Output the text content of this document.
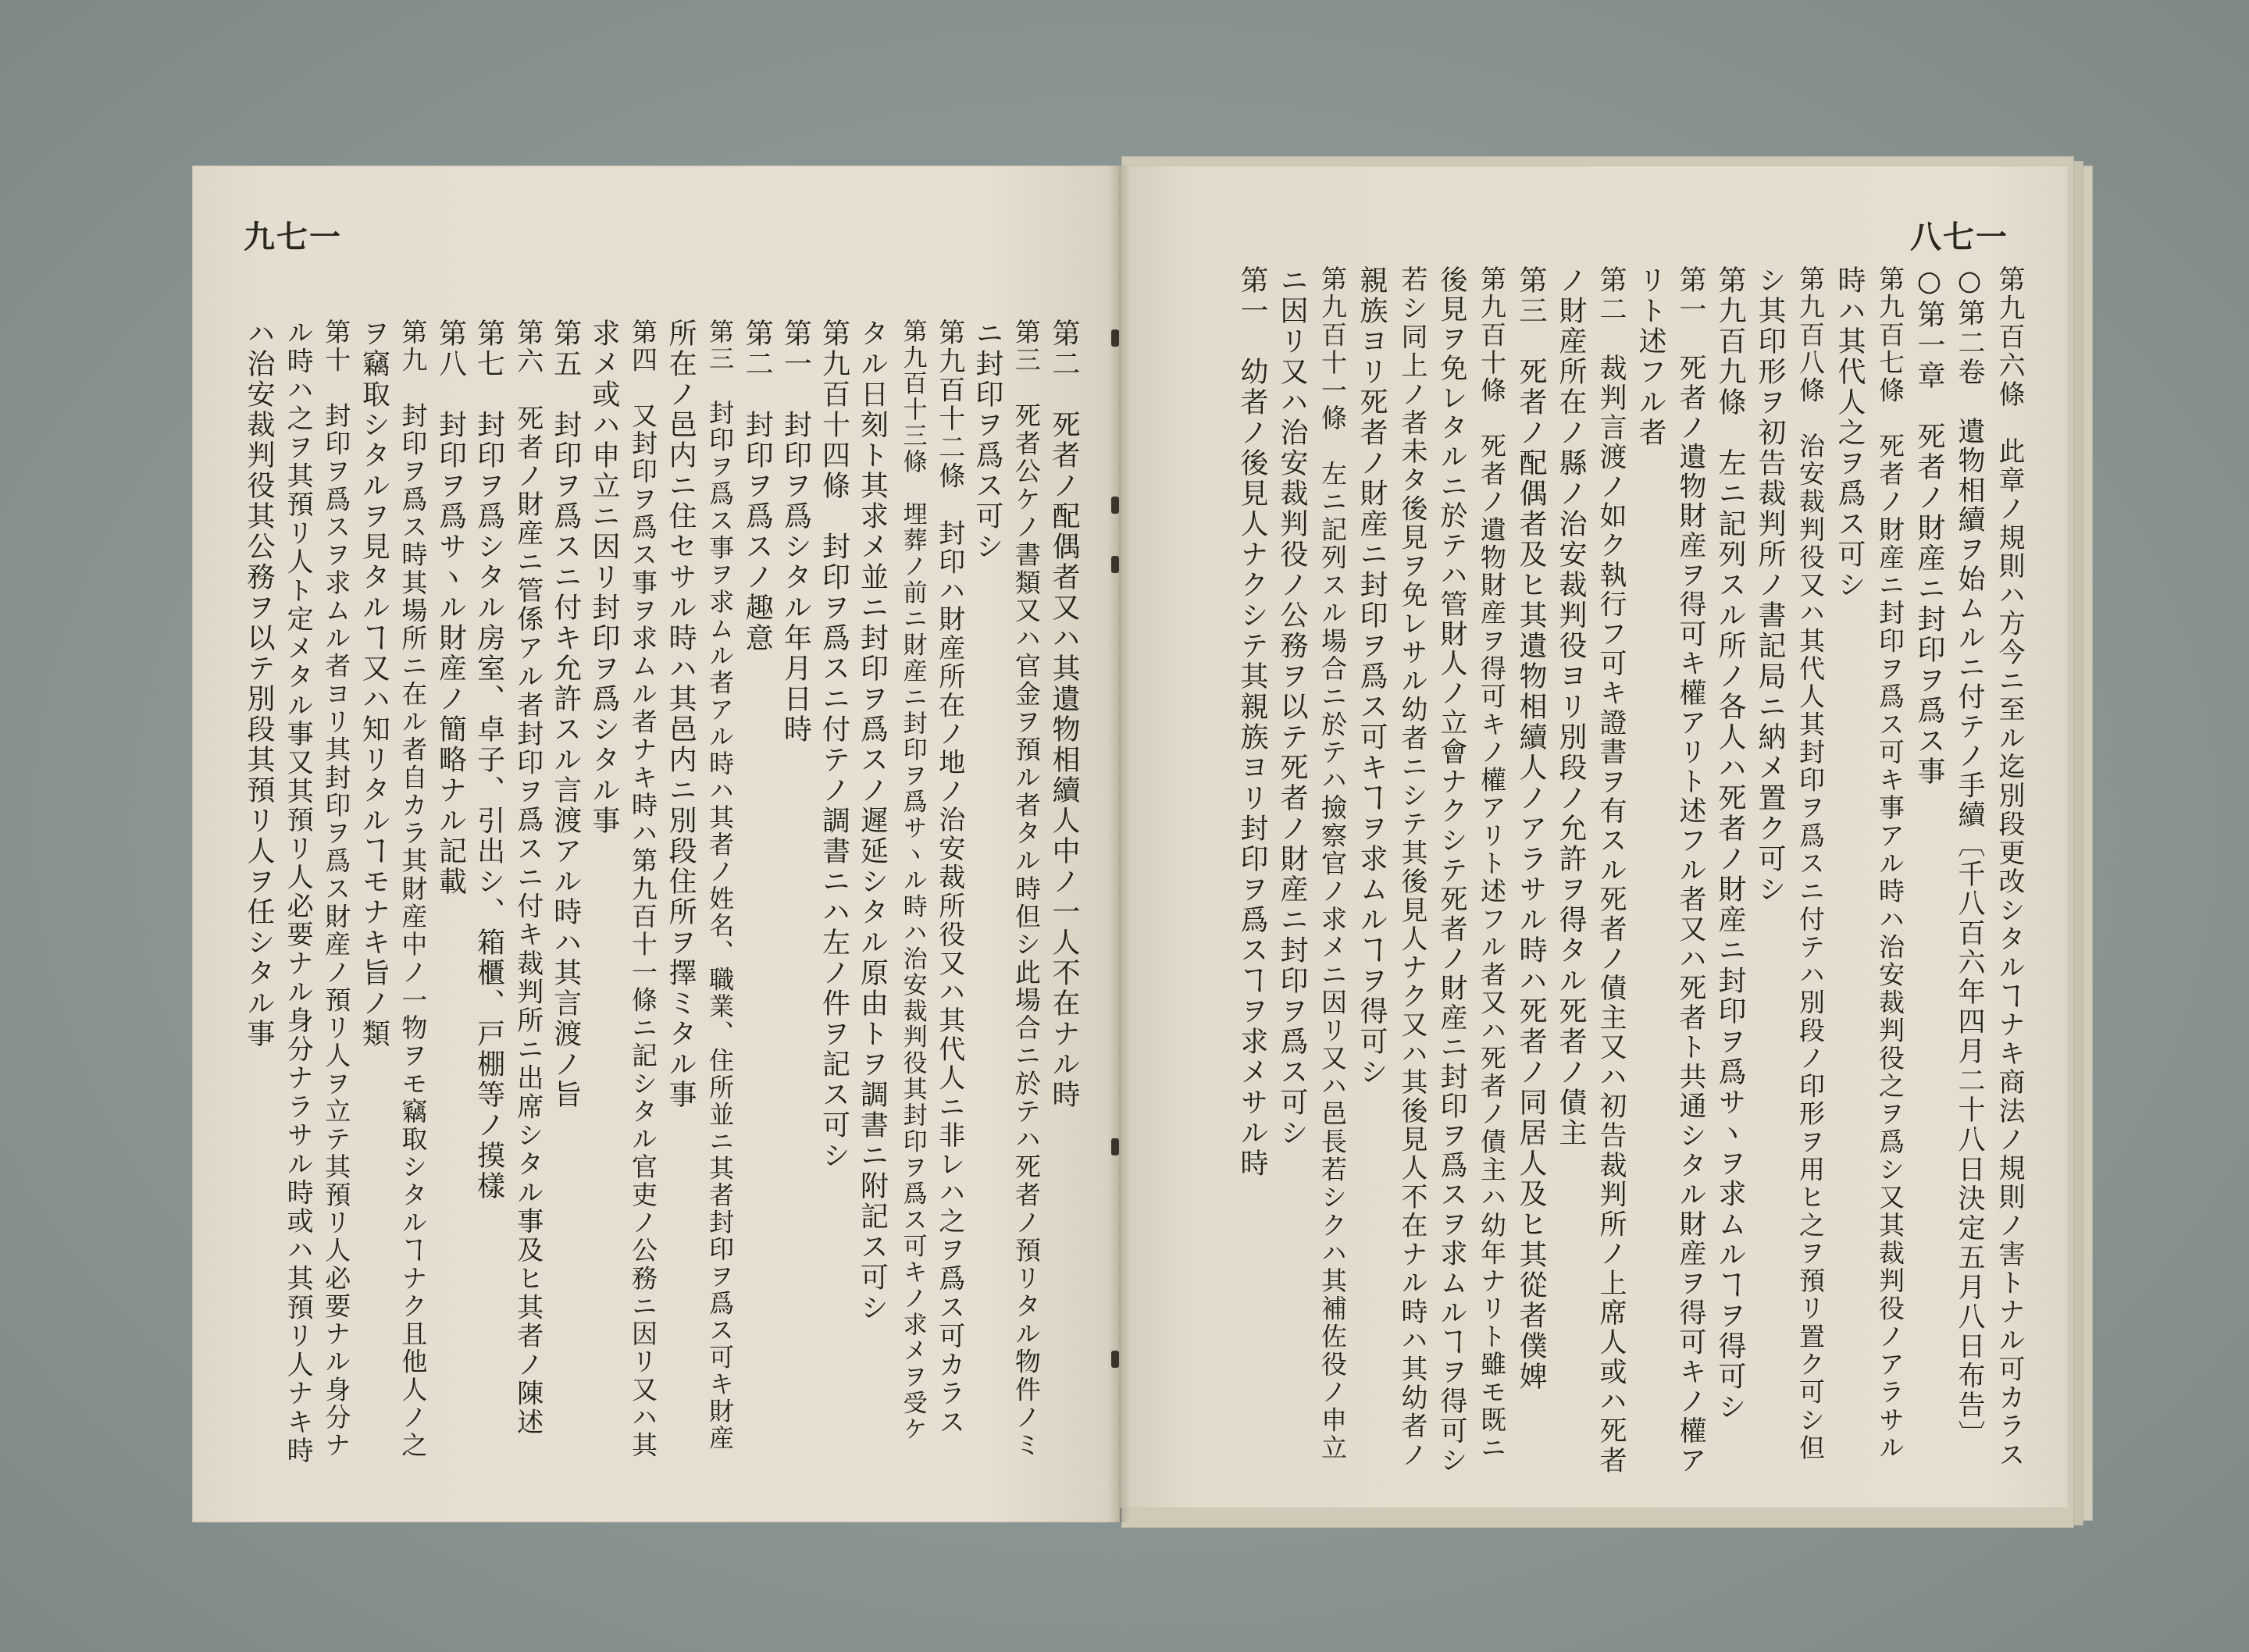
九七一	八七一
第九百六條　此章ノ規則ハ方今ニ至ル迄別段更改シタルヿナキ商法ノ規則ノ害トナル可カラス
○第二卷　遺物相續ヲ始ムルニ付テノ手續〔千八百六年四月二十八日決定五月八日布告〕
○第一章　死者ノ財産ニ封印ヲ爲ス事
第九百七條　死者ノ財産ニ封印ヲ爲ス可キ事アル時ハ治安裁判役之ヲ爲シ又其裁判役ノアラサル
時ハ其代人之ヲ爲ス可シ
第九百八條　治安裁判役又ハ其代人其封印ヲ爲スニ付テハ別段ノ印形ヲ用ヒ之ヲ預リ置ク可シ但
シ其印形ヲ初告裁判所ノ書記局ニ納メ置ク可シ
第九百九條　左ニ記列スル所ノ各人ハ死者ノ財産ニ封印ヲ爲サヽヲ求ムルヿヲ得可シ
第一　死者ノ遺物財産ヲ得可キ權アリト述フル者又ハ死者ト共通シタル財産ヲ得可キノ權ア
リト述フル者
第二　裁判言渡ノ如ク執行フ可キ證書ヲ有スル死者ノ債主又ハ初告裁判所ノ上席人或ハ死者
ノ財産所在ノ縣ノ治安裁判役ヨリ別段ノ允許ヲ得タル死者ノ債主
第三　死者ノ配偶者及ヒ其遺物相續人ノアラサル時ハ死者ノ同居人及ヒ其從者僕婢
第九百十條　死者ノ遺物財産ヲ得可キノ權アリト述フル者又ハ死者ノ債主ハ幼年ナリト雖モ既ニ
後見ヲ免レタルニ於テハ管財人ノ立會ナクシテ死者ノ財産ニ封印ヲ爲スヲ求ムルヿヲ得可シ
若シ同上ノ者未タ後見ヲ免レサル幼者ニシテ其後見人ナク又ハ其後見人不在ナル時ハ其幼者ノ
親族ヨリ死者ノ財産ニ封印ヲ爲ス可キヿヲ求ムルヿヲ得可シ
第九百十一條　左ニ記列スル場合ニ於テハ撿察官ノ求メニ因リ又ハ邑長若シクハ其補佐役ノ申立
ニ因リ又ハ治安裁判役ノ公務ヲ以テ死者ノ財産ニ封印ヲ爲ス可シ
第一　幼者ノ後見人ナクシテ其親族ヨリ封印ヲ爲スヿヲ求メサル時
第二　死者ノ配偶者又ハ其遺物相續人中ノ一人不在ナル時
第三　死者公ケノ書類又ハ官金ヲ預ル者タル時但シ此場合ニ於テハ死者ノ預リタル物件ノミ
ニ封印ヲ爲ス可シ
第九百十二條　封印ハ財産所在ノ地ノ治安裁所役又ハ其代人ニ非レハ之ヲ爲ス可カラス
第九百十三條　埋葬ノ前ニ財産ニ封印ヲ爲サヽル時ハ治安裁判役其封印ヲ爲ス可キノ求メヲ受ケ
タル日刻ト其求メ並ニ封印ヲ爲スノ遲延シタル原由トヲ調書ニ附記ス可シ
第九百十四條　封印ヲ爲スニ付テノ調書ニハ左ノ件ヲ記ス可シ
第一　封印ヲ爲シタル年月日時
第二　封印ヲ爲スノ趣意
第三　封印ヲ爲ス事ヲ求ムル者アル時ハ其者ノ姓名、職業、住所並ニ其者封印ヲ爲ス可キ財産
所在ノ邑内ニ住セサル時ハ其邑内ニ別段住所ヲ擇ミタル事
第四　又封印ヲ爲ス事ヲ求ムル者ナキ時ハ第九百十一條ニ記シタル官吏ノ公務ニ因リ又ハ其
求メ或ハ申立ニ因リ封印ヲ爲シタル事
第五　封印ヲ爲スニ付キ允許スル言渡アル時ハ其言渡ノ旨
第六　死者ノ財産ニ管係アル者封印ヲ爲スニ付キ裁判所ニ出席シタル事及ヒ其者ノ陳述
第七　封印ヲ爲シタル房室、卓子、引出シ、箱櫃、戸棚等ノ摸樣
第八　封印ヲ爲サヽル財産ノ簡略ナル記載
第九　封印ヲ爲ス時其場所ニ在ル者自カラ其財産中ノ一物ヲモ竊取シタルヿナク且他人ノ之
ヲ竊取シタルヲ見タルヿ又ハ知リタルヿモナキ旨ノ類
第十　封印ヲ爲スヲ求ムル者ヨリ其封印ヲ爲ス財産ノ預リ人ヲ立テ其預リ人必要ナル身分ナ
ル時ハ之ヲ其預リ人ト定メタル事又其預リ人必要ナル身分ナラサル時或ハ其預リ人ナキ時
ハ治安裁判役其公務ヲ以テ別段其預リ人ヲ任シタル事
